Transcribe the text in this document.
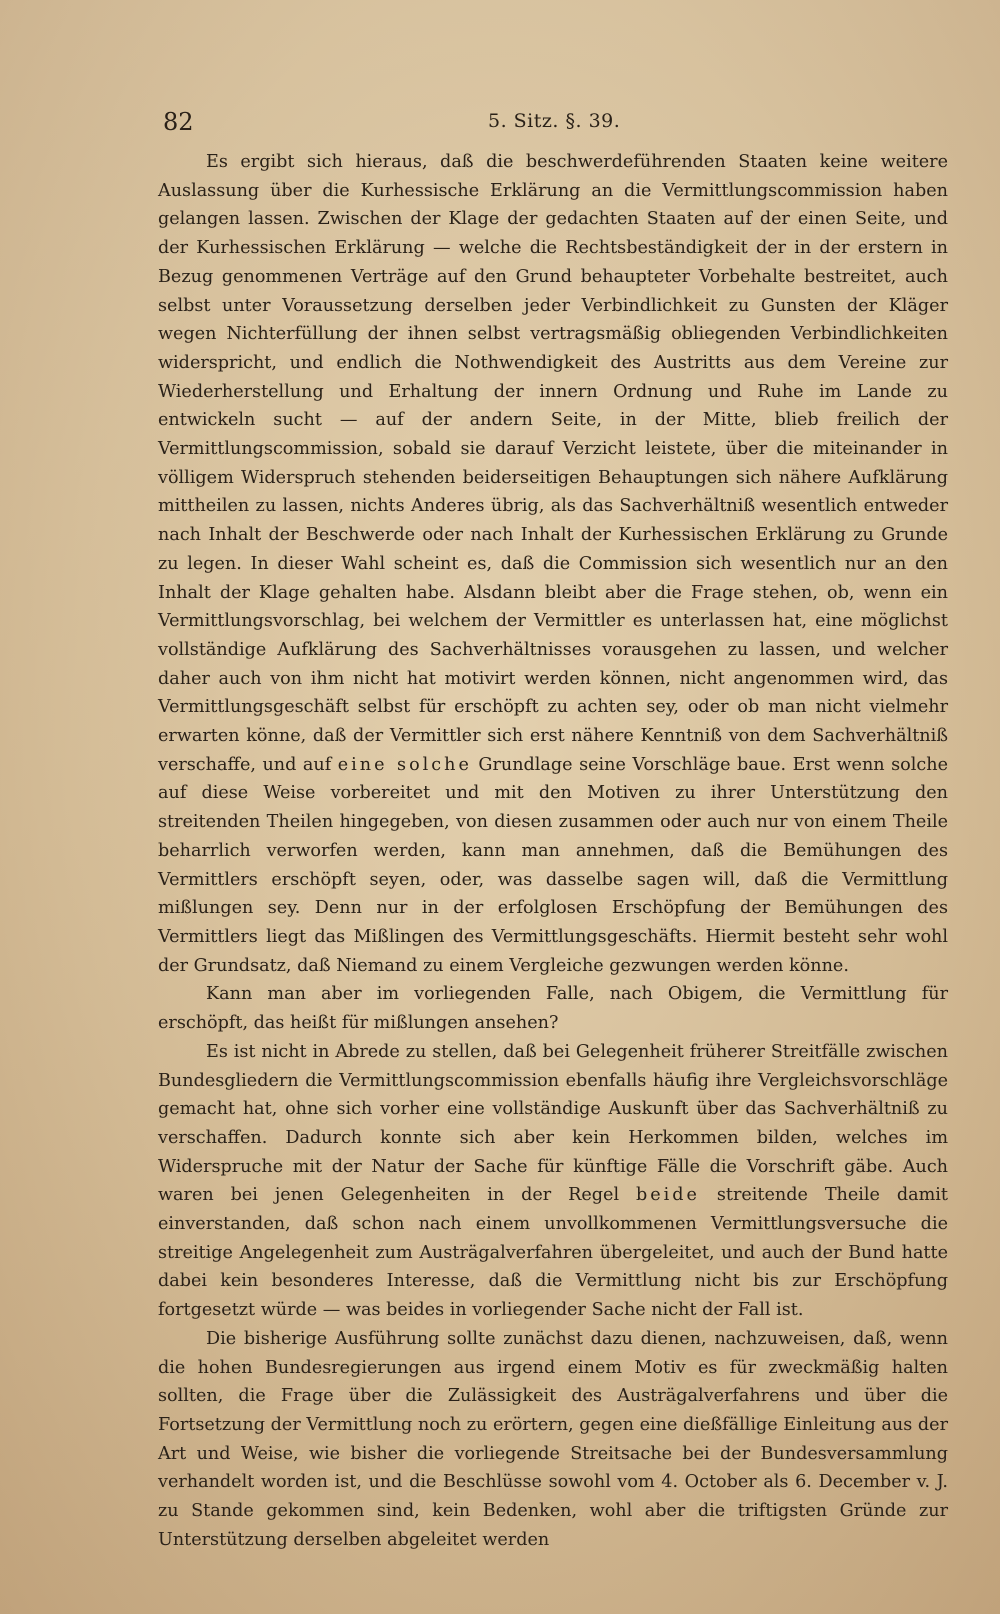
82	5. Sitz. §. 39.

Es ergibt sich hieraus, daß die beschwerdeführenden Staaten keine weitere Auslassung über die Kurhessische Erklärung an die Vermittlungscommission haben gelangen lassen. Zwischen der Klage der gedachten Staaten auf der einen Seite, und der Kurhessischen Erklärung — welche die Rechtsbeständigkeit der in der erstern in Bezug genommenen Verträge auf den Grund behaupteter Vorbehalte bestreitet, auch selbst unter Voraussetzung derselben jeder Verbindlichkeit zu Gunsten der Kläger wegen Nichterfüllung der ihnen selbst vertragsmäßig obliegenden Verbindlichkeiten widerspricht, und endlich die Nothwendigkeit des Austritts aus dem Vereine zur Wiederherstellung und Erhaltung der innern Ordnung und Ruhe im Lande zu entwickeln sucht — auf der andern Seite, in der Mitte, blieb freilich der Vermittlungscommission, sobald sie darauf Verzicht leistete, über die miteinander in völligem Widerspruch stehenden beiderseitigen Behauptungen sich nähere Aufklärung mittheilen zu lassen, nichts Anderes übrig, als das Sachverhältniß wesentlich entweder nach Inhalt der Beschwerde oder nach Inhalt der Kurhessischen Erklärung zu Grunde zu legen. In dieser Wahl scheint es, daß die Commission sich wesentlich nur an den Inhalt der Klage gehalten habe. Alsdann bleibt aber die Frage stehen, ob, wenn ein Vermittlungsvorschlag, bei welchem der Vermittler es unterlassen hat, eine möglichst vollständige Aufklärung des Sachverhältnisses vorausgehen zu lassen, und welcher daher auch von ihm nicht hat motivirt werden können, nicht angenommen wird, das Vermittlungsgeschäft selbst für erschöpft zu achten sey, oder ob man nicht vielmehr erwarten könne, daß der Vermittler sich erst nähere Kenntniß von dem Sachverhältniß verschaffe, und auf eine solche Grundlage seine Vorschläge baue. Erst wenn solche auf diese Weise vorbereitet und mit den Motiven zu ihrer Unterstützung den streitenden Theilen hingegeben, von diesen zusammen oder auch nur von einem Theile beharrlich verworfen werden, kann man annehmen, daß die Bemühungen des Vermittlers erschöpft seyen, oder, was dasselbe sagen will, daß die Vermittlung mißlungen sey. Denn nur in der erfolglosen Erschöpfung der Bemühungen des Vermittlers liegt das Mißlingen des Vermittlungsgeschäfts. Hiermit besteht sehr wohl der Grundsatz, daß Niemand zu einem Vergleiche gezwungen werden könne.

Kann man aber im vorliegenden Falle, nach Obigem, die Vermittlung für erschöpft, das heißt für mißlungen ansehen?

Es ist nicht in Abrede zu stellen, daß bei Gelegenheit früherer Streitfälle zwischen Bundesgliedern die Vermittlungscommission ebenfalls häufig ihre Vergleichsvorschläge gemacht hat, ohne sich vorher eine vollständige Auskunft über das Sachverhältniß zu verschaffen. Dadurch konnte sich aber kein Herkommen bilden, welches im Widerspruche mit der Natur der Sache für künftige Fälle die Vorschrift gäbe. Auch waren bei jenen Gelegenheiten in der Regel beide streitende Theile damit einverstanden, daß schon nach einem unvollkommenen Vermittlungsversuche die streitige Angelegenheit zum Austrägalverfahren übergeleitet, und auch der Bund hatte dabei kein besonderes Interesse, daß die Vermittlung nicht bis zur Erschöpfung fortgesetzt würde — was beides in vorliegender Sache nicht der Fall ist.

Die bisherige Ausführung sollte zunächst dazu dienen, nachzuweisen, daß, wenn die hohen Bundesregierungen aus irgend einem Motiv es für zweckmäßig halten sollten, die Frage über die Zulässigkeit des Austrägalverfahrens und über die Fortsetzung der Vermittlung noch zu erörtern, gegen eine dießfällige Einleitung aus der Art und Weise, wie bisher die vorliegende Streitsache bei der Bundesversammlung verhandelt worden ist, und die Beschlüsse sowohl vom 4. October als 6. December v. J. zu Stande gekommen sind, kein Bedenken, wohl aber die triftigsten Gründe zur Unterstützung derselben abgeleitet werden
